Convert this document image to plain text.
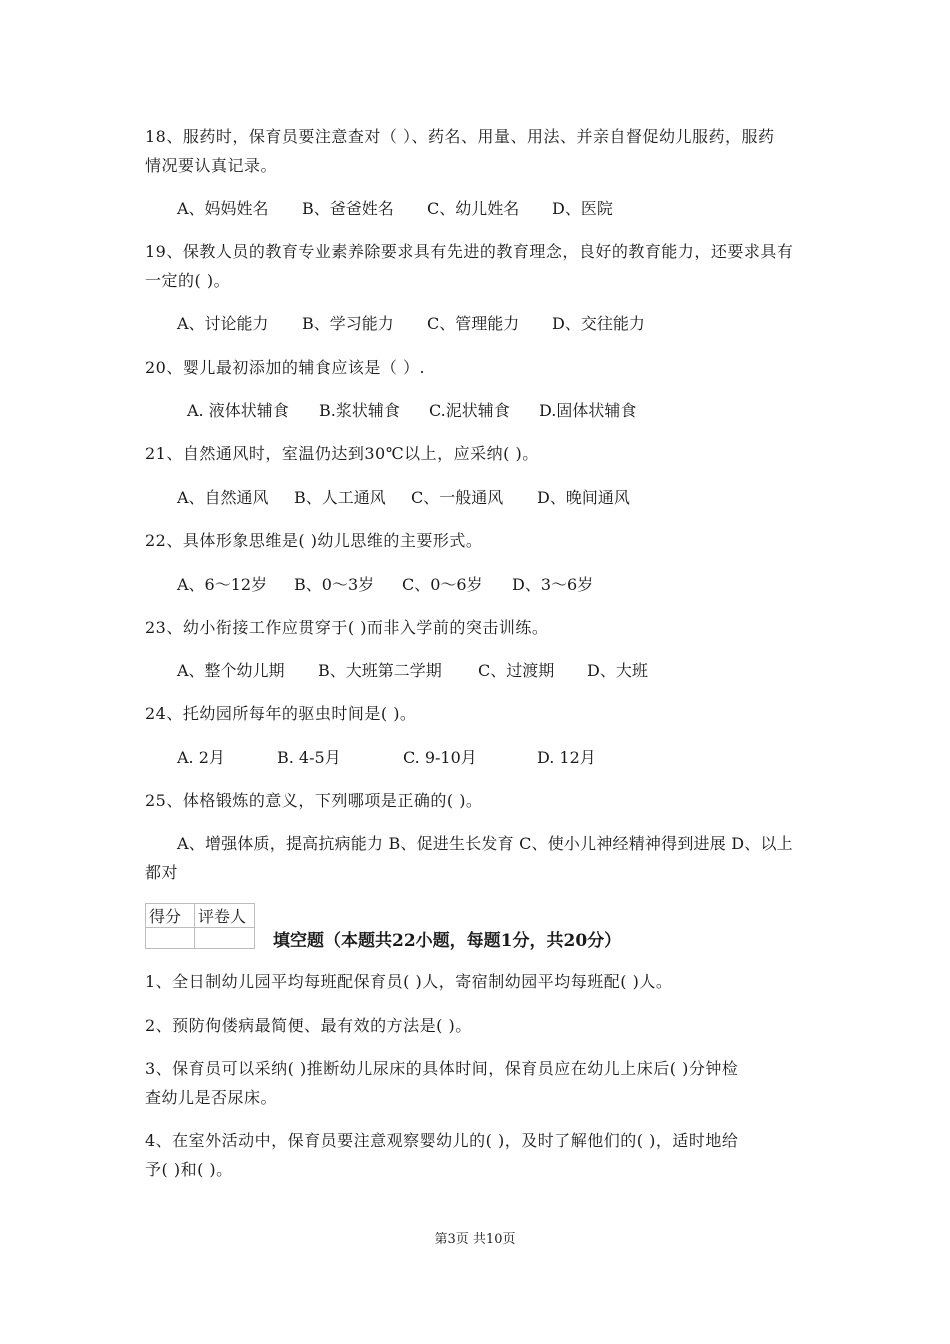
18、服药时，保育员要注意查对（ ）、药名、用量、用法、并亲自督促幼儿服药，服药
情况要认真记录。
A、妈妈姓名 B、爸爸姓名 C、幼儿姓名 D、医院
19、保教人员的教育专业素养除要求具有先进的教育理念，良好的教育能力，还要求具有
一定的( )。
A、讨论能力 B、学习能力 C、管理能力 D、交往能力
20、婴儿最初添加的辅食应该是（ ）.
A. 液体状辅食 B.浆状辅食 C.泥状辅食 D.固体状辅食
21、自然通风时，室温仍达到30℃以上，应采纳( )。
A、自然通风 B、人工通风 C、一般通风 D、晚间通风
22、具体形象思维是( )幼儿思维的主要形式。
A、6～12岁 B、0～3岁 C、0～6岁 D、3～6岁
23、幼小衔接工作应贯穿于( )而非入学前的突击训练。
A、整个幼儿期 B、大班第二学期 C、过渡期 D、大班
24、托幼园所每年的驱虫时间是( )。
A. 2月	B. 4-5月	C. 9-10月	D. 12月
25、体格锻炼的意义，下列哪项是正确的( )。
A、增强体质，提高抗病能力 B、促进生长发育 C、使小儿神经精神得到进展 D、以上
都对
得分	评卷人

填空题（本题共22小题，每题1分，共20分）
1、全日制幼儿园平均每班配保育员( )人，寄宿制幼园平均每班配( )人。
2、预防佝偻病最简便、最有效的方法是( )。
3、保育员可以采纳( )推断幼儿尿床的具体时间，保育员应在幼儿上床后( )分钟检
查幼儿是否尿床。
4、在室外活动中，保育员要注意观察婴幼儿的( )，及时了解他们的( )，适时地给
予( )和( )。
第3页 共10页
